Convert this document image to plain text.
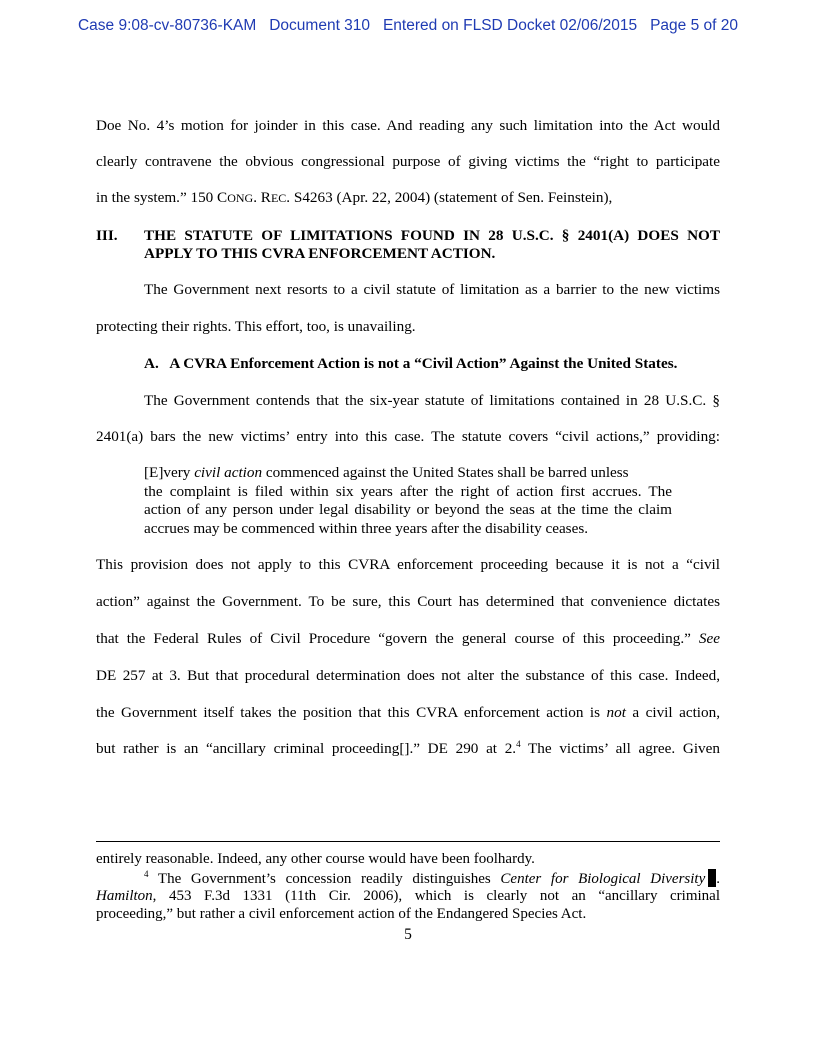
Case 9:08-cv-80736-KAM Document 310 Entered on FLSD Docket 02/06/2015 Page 5 of 20
Doe No. 4’s motion for joinder in this case. And reading any such limitation into the Act would
clearly contravene the obvious congressional purpose of giving victims the “right to participate
in the system.” 150 CONG. REC. S4263 (Apr. 22, 2004) (statement of Sen. Feinstein),
III. THE STATUTE OF LIMITATIONS FOUND IN 28 U.S.C. § 2401(A) DOES NOT
APPLY TO THIS CVRA ENFORCEMENT ACTION.
The Government next resorts to a civil statute of limitation as a barrier to the new victims
protecting their rights. This effort, too, is unavailing.
A.   A CVRA Enforcement Action is not a “Civil Action” Against the United States.
The Government contends that the six-year statute of limitations contained in 28 U.S.C. §
2401(a) bars the new victims’ entry into this case. The statute covers “civil actions,” providing:
[E]very civil action commenced against the United States shall be barred unless
the complaint is filed within six years after the right of action first accrues. The
action of any person under legal disability or beyond the seas at the time the claim
accrues may be commenced within three years after the disability ceases.
This provision does not apply to this CVRA enforcement proceeding because it is not a “civil
action” against the Government. To be sure, this Court has determined that convenience dictates
that the Federal Rules of Civil Procedure “govern the general course of this proceeding.” See
DE 257 at 3. But that procedural determination does not alter the substance of this case. Indeed,
the Government itself takes the position that this CVRA enforcement action is not a civil action,
but rather is an “ancillary criminal proceeding[].” DE 290 at 2.$^4$ The victims’ all agree. Given
entirely reasonable. Indeed, any other course would have been foolhardy.
$^4$ The Government’s concession readily distinguishes Center for Biological Diversity .
Hamilton, 453 F.3d 1331 (11th Cir. 2006), which is clearly not an “ancillary criminal
proceeding,” but rather a civil enforcement action of the Endangered Species Act.
5
